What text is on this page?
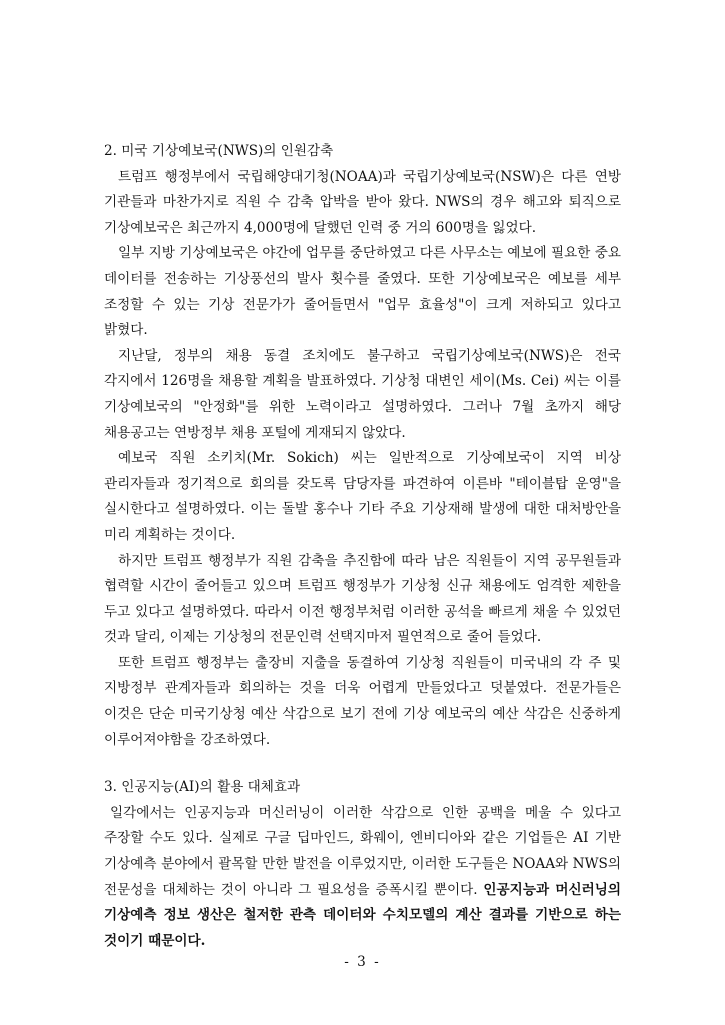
2. 미국 기상예보국(NWS)의 인원감축

트럼프 행정부에서 국립해양대기청(NOAA)과 국립기상예보국(NSW)은 다른 연방 기관들과 마찬가지로 직원 수 감축 압박을 받아 왔다. NWS의 경우 해고와 퇴직으로 기상예보국은 최근까지 4,000명에 달했던 인력 중 거의 600명을 잃었다.

일부 지방 기상예보국은 야간에 업무를 중단하였고 다른 사무소는 예보에 필요한 중요 데이터를 전송하는 기상풍선의 발사 횟수를 줄였다. 또한 기상예보국은 예보를 세부 조정할 수 있는 기상 전문가가 줄어들면서 "업무 효율성"이 크게 저하되고 있다고 밝혔다.

지난달, 정부의 채용 동결 조치에도 불구하고 국립기상예보국(NWS)은 전국 각지에서 126명을 채용할 계획을 발표하였다. 기상청 대변인 세이(Ms. Cei) 씨는 이를 기상예보국의 "안정화"를 위한 노력이라고 설명하였다. 그러나 7월 초까지 해당 채용공고는 연방정부 채용 포털에 게재되지 않았다.

예보국 직원 소키치(Mr. Sokich) 씨는 일반적으로 기상예보국이 지역 비상 관리자들과 정기적으로 회의를 갖도록 담당자를 파견하여 이른바 "테이블탑 운영"을 실시한다고 설명하였다. 이는 돌발 홍수나 기타 주요 기상재해 발생에 대한 대처방안을 미리 계획하는 것이다.

하지만 트럼프 행정부가 직원 감축을 추진함에 따라 남은 직원들이 지역 공무원들과 협력할 시간이 줄어들고 있으며 트럼프 행정부가 기상청 신규 채용에도 엄격한 제한을 두고 있다고 설명하였다. 따라서 이전 행정부처럼 이러한 공석을 빠르게 채울 수 있었던 것과 달리, 이제는 기상청의 전문인력 선택지마저 필연적으로 줄어 들었다.

또한 트럼프 행정부는 출장비 지출을 동결하여 기상청 직원들이 미국내의 각 주 및 지방정부 관계자들과 회의하는 것을 더욱 어렵게 만들었다고 덧붙였다. 전문가들은 이것은 단순 미국기상청 예산 삭감으로 보기 전에 기상 예보국의 예산 삭감은 신중하게 이루어져야함을 강조하였다.

3. 인공지능(AI)의 활용 대체효과

일각에서는 인공지능과 머신러닝이 이러한 삭감으로 인한 공백을 메울 수 있다고 주장할 수도 있다. 실제로 구글 딥마인드, 화웨이, 엔비디아와 같은 기업들은 AI 기반 기상예측 분야에서 괄목할 만한 발전을 이루었지만, 이러한 도구들은 NOAA와 NWS의 전문성을 대체하는 것이 아니라 그 필요성을 증폭시킬 뿐이다. 인공지능과 머신러닝의 기상예측 정보 생산은 철저한 관측 데이터와 수치모델의 계산 결과를 기반으로 하는 것이기 때문이다.

- 3 -
